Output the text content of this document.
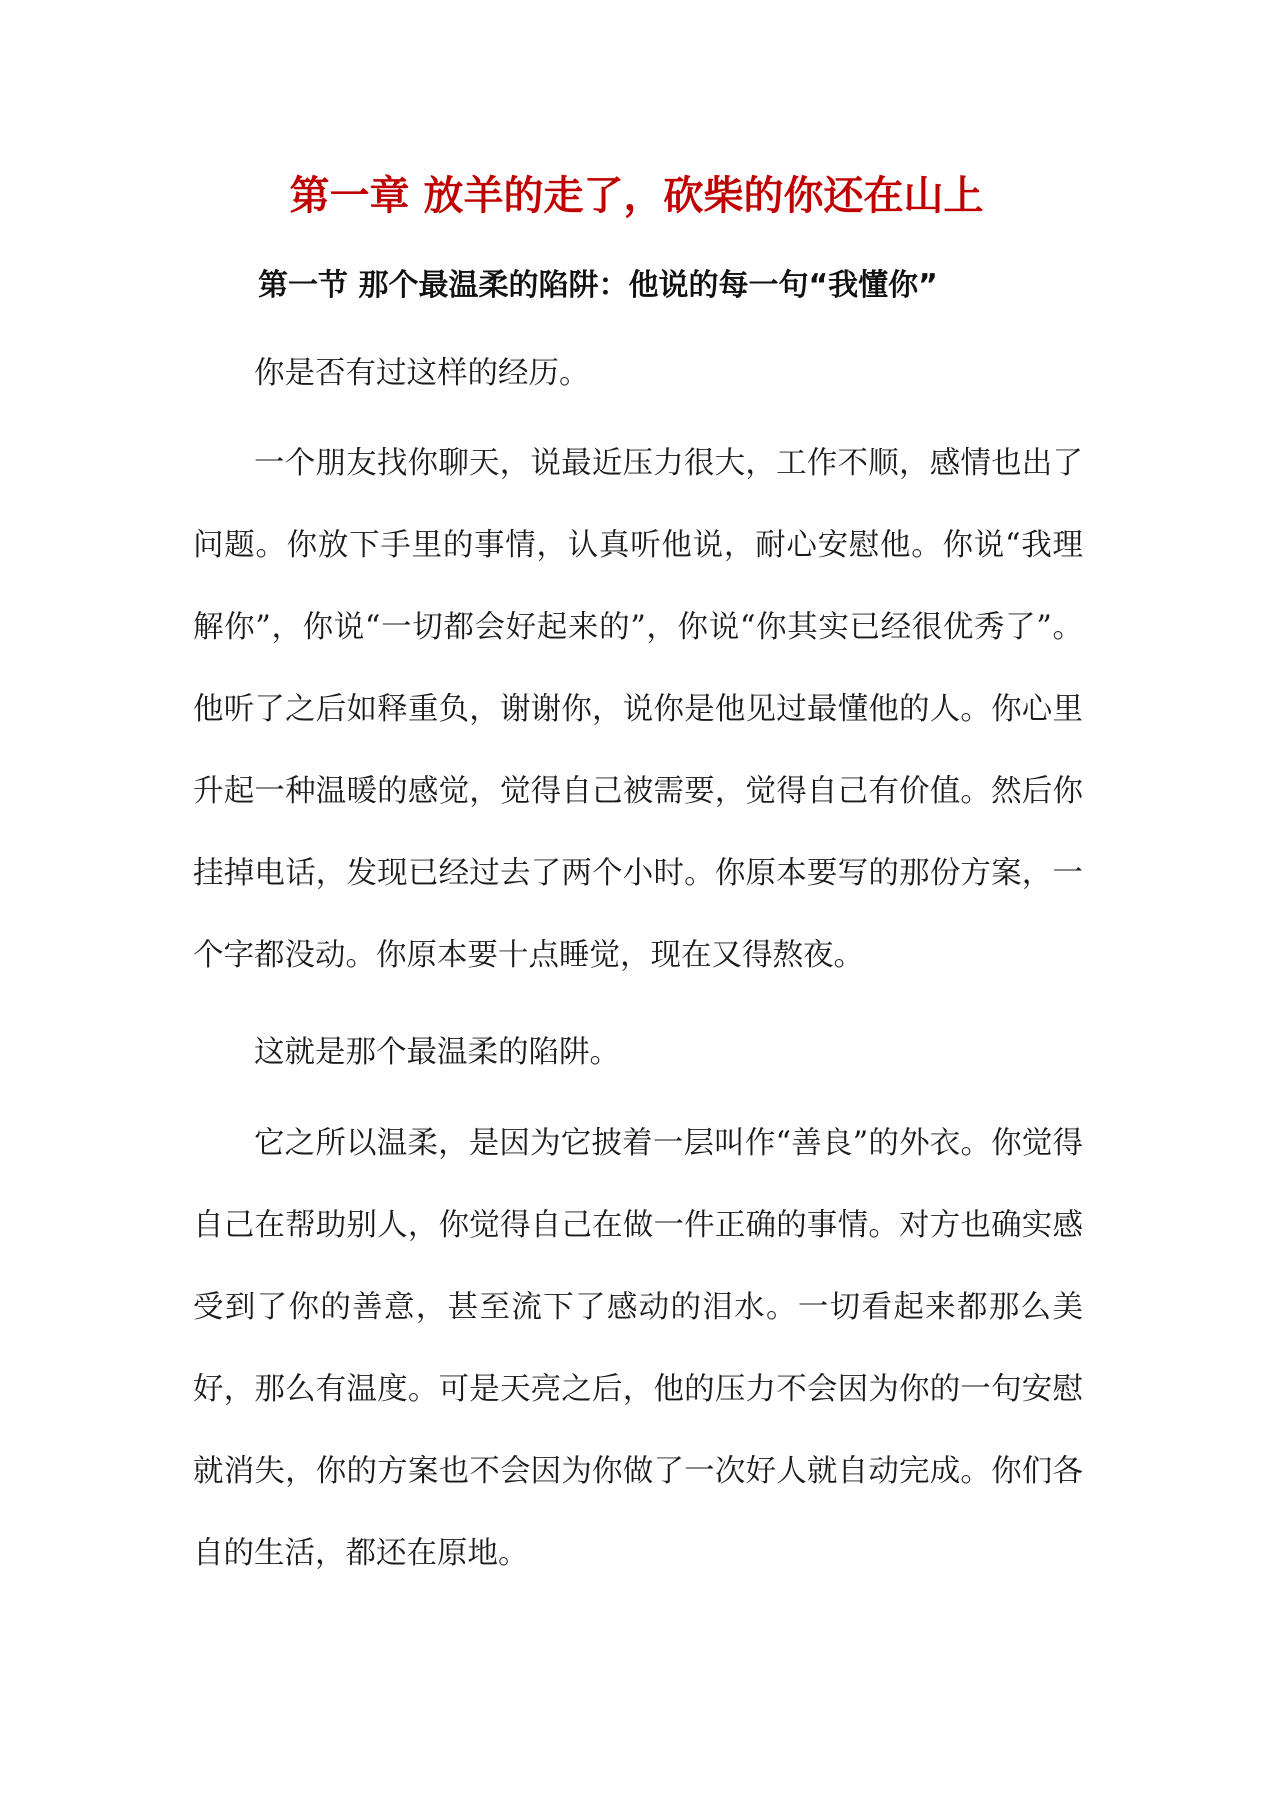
第一章 放羊的走了，砍柴的你还在山上
第一节 那个最温柔的陷阱：他说的每一句“我懂你”

你是否有过这样的经历。

一个朋友找你聊天，说最近压力很大，工作不顺，感情也出了问题。你放下手里的事情，认真听他说，耐心安慰他。你说“我理解你”，你说“一切都会好起来的”，你说“你其实已经很优秀了”。他听了之后如释重负，谢谢你，说你是他见过最懂他的人。你心里升起一种温暖的感觉，觉得自己被需要，觉得自己有价值。然后你挂掉电话，发现已经过去了两个小时。你原本要写的那份方案，一个字都没动。你原本要十点睡觉，现在又得熬夜。

这就是那个最温柔的陷阱。

它之所以温柔，是因为它披着一层叫作“善良”的外衣。你觉得自己在帮助别人，你觉得自己在做一件正确的事情。对方也确实感受到了你的善意，甚至流下了感动的泪水。一切看起来都那么美好，那么有温度。可是天亮之后，他的压力不会因为你的一句安慰就消失，你的方案也不会因为你做了一次好人就自动完成。你们各自的生活，都还在原地。
